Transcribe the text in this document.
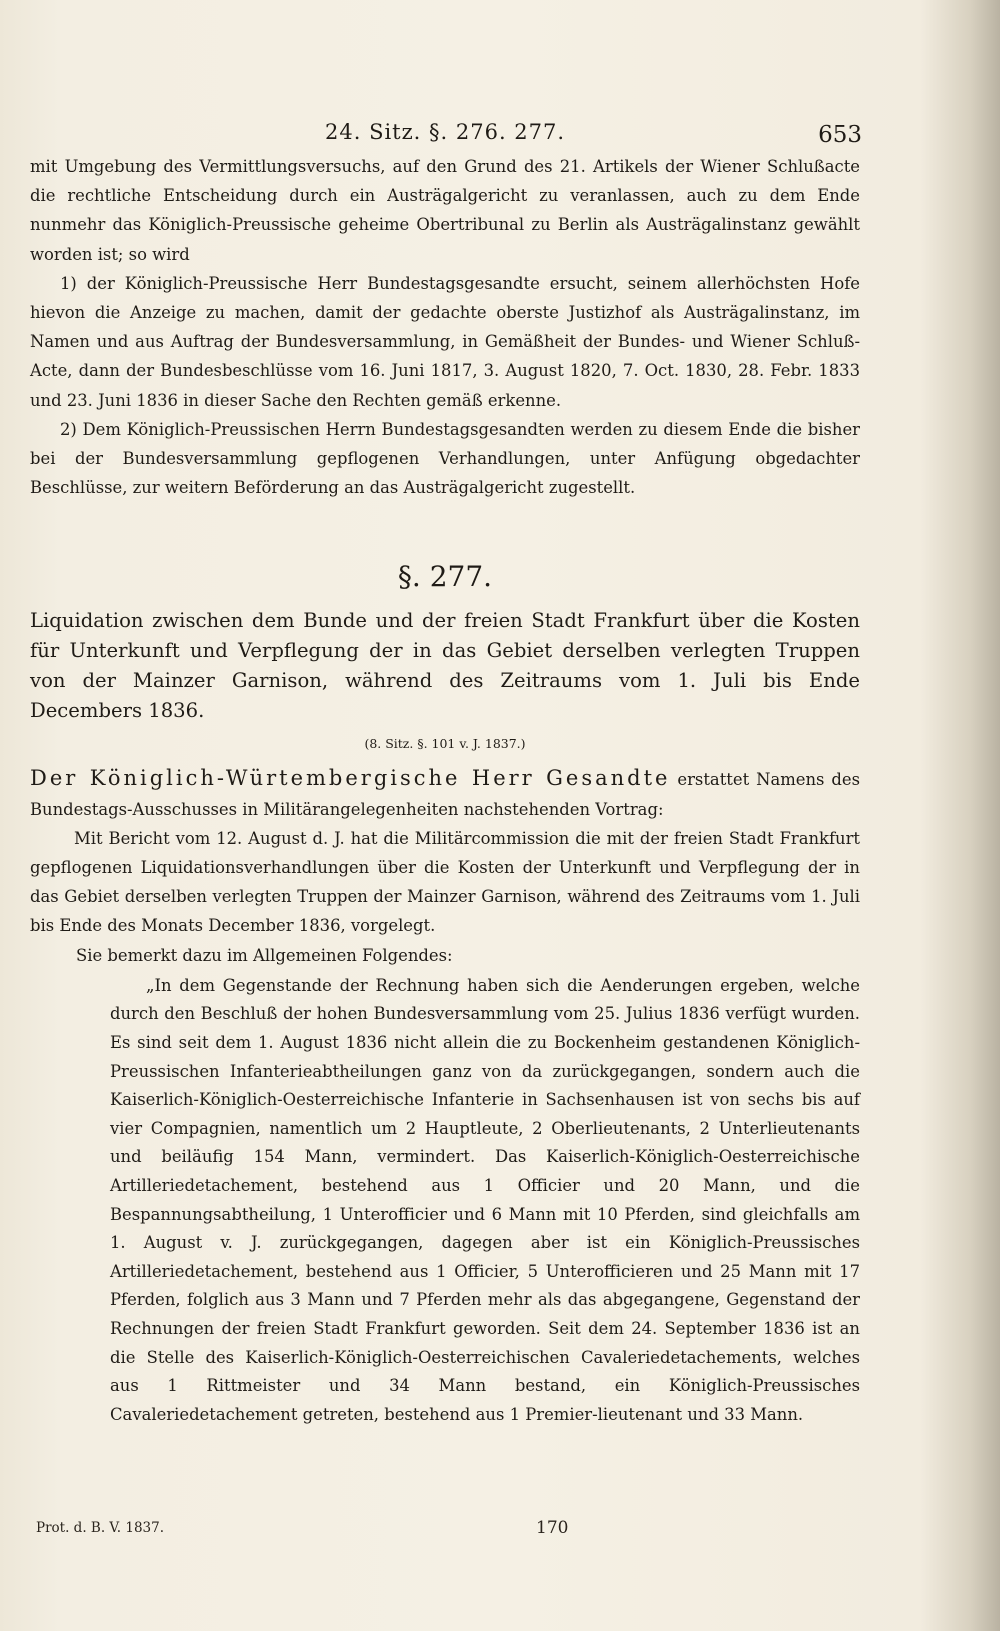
24. Sitz. §. 276. 277.	653

mit Umgebung des Vermittlungsversuchs, auf den Grund des 21. Artikels der Wiener Schlußacte die rechtliche Entscheidung durch ein Austrägalgericht zu veranlassen, auch zu dem Ende nunmehr das Königlich-Preussische geheime Obertribunal zu Berlin als Austrägalinstanz gewählt worden ist; so wird

1) der Königlich-Preussische Herr Bundestagsgesandte ersucht, seinem allerhöchsten Hofe hievon die Anzeige zu machen, damit der gedachte oberste Justizhof als Austrägalinstanz, im Namen und aus Auftrag der Bundesversammlung, in Gemäßheit der Bundes- und Wiener Schluß-Acte, dann der Bundesbeschlüsse vom 16. Juni 1817, 3. August 1820, 7. Oct. 1830, 28. Febr. 1833 und 23. Juni 1836 in dieser Sache den Rechten gemäß erkenne.

2) Dem Königlich-Preussischen Herrn Bundestagsgesandten werden zu diesem Ende die bisher bei der Bundesversammlung gepflogenen Verhandlungen, unter Anfügung obgedachter Beschlüsse, zur weitern Beförderung an das Austrägalgericht zugestellt.

§. 277.

Liquidation zwischen dem Bunde und der freien Stadt Frankfurt über die Kosten für Unterkunft und Verpflegung der in das Gebiet derselben verlegten Truppen von der Mainzer Garnison, während des Zeitraums vom 1. Juli bis Ende Decembers 1836.

(8. Sitz. §. 101 v. J. 1837.)

Der Königlich-Würtembergische Herr Gesandte erstattet Namens des Bundestags-Ausschusses in Militärangelegenheiten nachstehenden Vortrag:

Mit Bericht vom 12. August d. J. hat die Militärcommission die mit der freien Stadt Frankfurt gepflogenen Liquidationsverhandlungen über die Kosten der Unterkunft und Verpflegung der in das Gebiet derselben verlegten Truppen der Mainzer Garnison, während des Zeitraums vom 1. Juli bis Ende des Monats December 1836, vorgelegt.

Sie bemerkt dazu im Allgemeinen Folgendes:

„In dem Gegenstande der Rechnung haben sich die Aenderungen ergeben, welche durch den Beschluß der hohen Bundesversammlung vom 25. Julius 1836 verfügt wurden. Es sind seit dem 1. August 1836 nicht allein die zu Bockenheim gestandenen Königlich-Preussischen Infanterieabtheilungen ganz von da zurückgegangen, sondern auch die Kaiserlich-Königlich-Oesterreichische Infanterie in Sachsenhausen ist von sechs bis auf vier Compagnien, namentlich um 2 Hauptleute, 2 Oberlieutenants, 2 Unterlieutenants und beiläufig 154 Mann, vermindert. Das Kaiserlich-Königlich-Oesterreichische Artilleriedetachement, bestehend aus 1 Officier und 20 Mann, und die Bespannungsabtheilung, 1 Unterofficier und 6 Mann mit 10 Pferden, sind gleichfalls am 1. August v. J. zurückgegangen, dagegen aber ist ein Königlich-Preussisches Artilleriedetachement, bestehend aus 1 Officier, 5 Unterofficieren und 25 Mann mit 17 Pferden, folglich aus 3 Mann und 7 Pferden mehr als das abgegangene, Gegenstand der Rechnungen der freien Stadt Frankfurt geworden. Seit dem 24. September 1836 ist an die Stelle des Kaiserlich-Königlich-Oesterreichischen Cavaleriedetachements, welches aus 1 Rittmeister und 34 Mann bestand, ein Königlich-Preussisches Cavaleriedetachement getreten, bestehend aus 1 Premier-lieutenant und 33 Mann.

Prot. d. B. V. 1837.	170
